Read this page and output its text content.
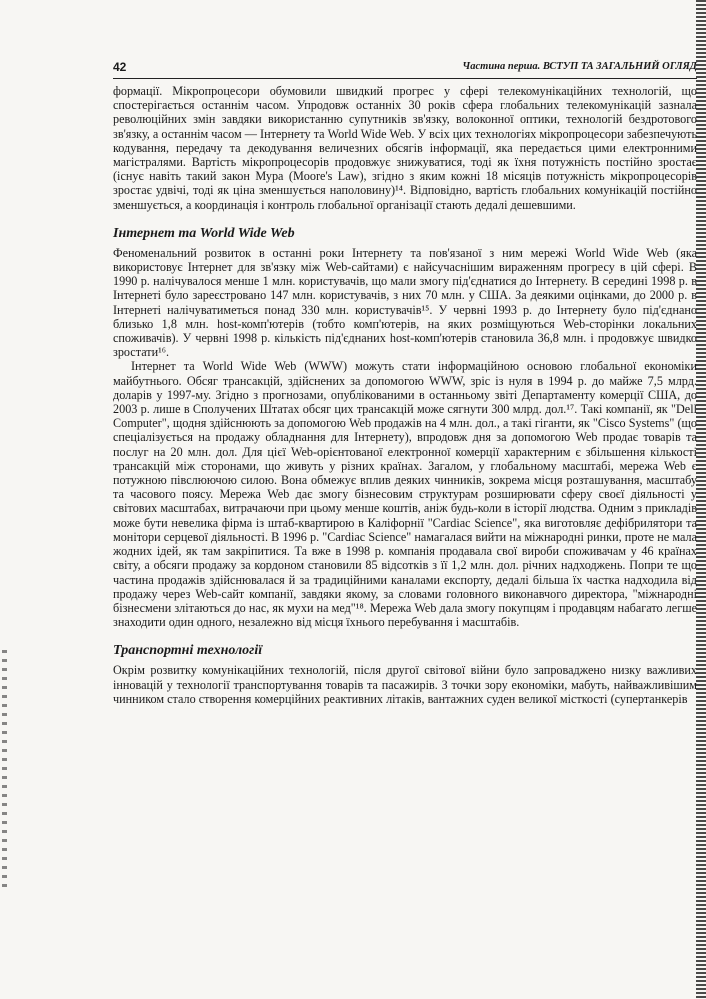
42	Частина перша. ВСТУП ТА ЗАГАЛЬНИЙ ОГЛЯД

формації. Мікропроцесори обумовили швидкий прогрес у сфері телекомунікаційних технологій, що спостерігається останнім часом. Упродовж останніх 30 років сфера глобальних телекомунікацій зазнала революційних змін завдяки використанню супутників зв'язку, волоконної оптики, технологій бездротового зв'язку, а останнім часом — Інтернету та World Wide Web. У всіх цих технологіях мікропроцесори забезпечують кодування, передачу та декодування величезних обсягів інформації, яка передається цими електронними магістралями. Вартість мікропроцесорів продовжує знижуватися, тоді як їхня потужність постійно зростає (існує навіть такий закон Мура (Moore's Law), згідно з яким кожні 18 місяців потужність мікропроцесорів зростає удвічі, тоді як ціна зменшується наполовину)¹⁴. Відповідно, вартість глобальних комунікацій постійно зменшується, а координація і контроль глобальної організації стають дедалі дешевшими.

Інтернет та World Wide Web

Феноменальний розвиток в останні роки Інтернету та пов'язаної з ним мережі World Wide Web (яка використовує Інтернет для зв'язку між Web-сайтами) є найсучаснішим вираженням прогресу в цій сфері. В 1990 р. налічувалося менше 1 млн. користувачів, що мали змогу під'єднатися до Інтернету. В середині 1998 р. в Інтернеті було зареєстровано 147 млн. користувачів, з них 70 млн. у США. За деякими оцінками, до 2000 р. в Інтернеті налічуватиметься понад 330 млн. користувачів¹⁵. У червні 1993 р. до Інтернету було під'єднано близько 1,8 млн. host-комп'ютерів (тобто комп'ютерів, на яких розміщуються Web-сторінки локальних споживачів). У червні 1998 р. кількість під'єднаних host-комп'ютерів становила 36,8 млн. і продовжує швидко зростати¹⁶.

Інтернет та World Wide Web (WWW) можуть стати інформаційною основою глобальної економіки майбутнього. Обсяг трансакцій, здійснених за допомогою WWW, зріс із нуля в 1994 р. до майже 7,5 млрд. доларів у 1997-му. Згідно з прогнозами, опублікованими в останньому звіті Департаменту комерції США, до 2003 р. лише в Сполучених Штатах обсяг цих трансакцій може сягнути 300 млрд. дол.¹⁷. Такі компанії, як "Dell Computer", щодня здійснюють за допомогою Web продажів на 4 млн. дол., а такі гіганти, як "Cisco Systems" (що спеціалізується на продажу обладнання для Інтернету), впродовж дня за допомогою Web продає товарів та послуг на 20 млн. дол. Для цієї Web-орієнтованої електронної комерції характерним є збільшення кількості трансакцій між сторонами, що живуть у різних країнах. Загалом, у глобальному масштабі, мережа Web є потужною півслюючою силою. Вона обмежує вплив деяких чинників, зокрема місця розташування, масштабу та часового поясу. Мережа Web дає змогу бізнесовим структурам розширювати сферу своєї діяльності у світових масштабах, витрачаючи при цьому менше коштів, аніж будь-коли в історії людства. Одним з прикладів може бути невелика фірма із штаб-квартирою в Каліфорнії "Cardiac Science", яка виготовляє дефібрилятори та монітори серцевої діяльності. В 1996 р. "Cardiac Science" намагалася вийти на міжнародні ринки, проте не мала жодних ідей, як там закріпитися. Та вже в 1998 р. компанія продавала свої вироби споживачам у 46 країнах світу, а обсяги продажу за кордоном становили 85 відсотків з її 1,2 млн. дол. річних надходжень. Попри те що частина продажів здійснювалася й за традиційними каналами експорту, дедалі більша їх частка надходила від продажу через Web-сайт компанії, завдяки якому, за словами головного виконавчого директора, "міжнародні бізнесмени злітаються до нас, як мухи на мед"¹⁸. Мережа Web дала змогу покупцям і продавцям набагато легше знаходити один одного, незалежно від місця їхнього перебування і масштабів.

Транспортні технології

Окрім розвитку комунікаційних технологій, після другої світової війни було запроваджено низку важливих інновацій у технології транспортування товарів та пасажирів. З точки зору економіки, мабуть, найважливішим чинником стало створення комерційних реактивних літаків, вантажних суден великої місткості (супертанкерів
